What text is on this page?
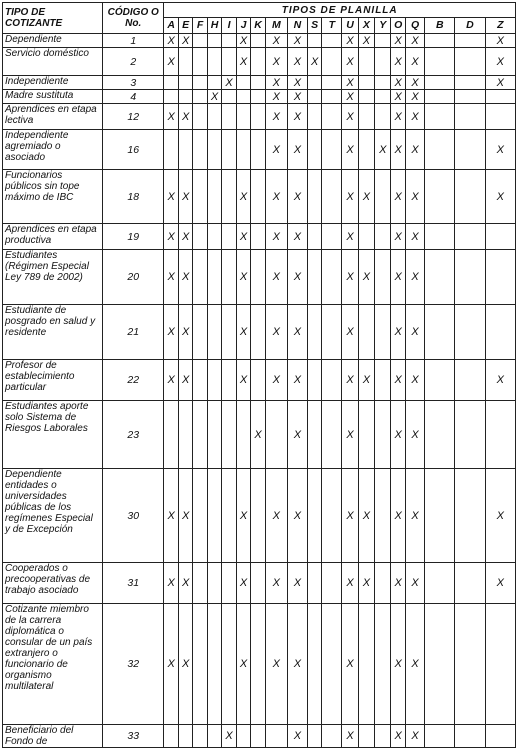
TIPO DE COTIZANTE	CÓDIGO O No.	TIPOS DE PLANILLA																		
		A	E	F	H	I	J	K	M	N	S	T	U	X	Y	O	Q	B	D	Z
Dependiente	1	X	X				X		X	X			X	X		X	X			X
Servicio doméstico	2	X					X		X	X	X		X			X	X			X
Independiente	3					X			X	X			X			X	X			X
Madre sustituta	4				X				X	X			X			X	X			
Aprendices en etapa lectiva	12	X	X						X	X			X			X	X			
Independiente agremiado o asociado	16								X	X			X		X	X	X			X
Funcionarios públicos sin tope máximo de IBC	18	X	X				X		X	X			X	X		X	X			X
Aprendices en etapa productiva	19	X	X				X		X	X			X			X	X			
Estudiantes (Régimen Especial Ley 789 de 2002)	20	X	X				X		X	X			X	X		X	X			
Estudiante de posgrado en salud y residente	21	X	X				X		X	X			X			X	X			
Profesor de establecimiento particular	22	X	X				X		X	X			X	X		X	X			X
Estudiantes aporte solo Sistema de Riesgos Laborales	23							X		X			X			X	X			
Dependiente entidades o universidades públicas de los regímenes Especial y de Excepción	30	X	X				X		X	X			X	X		X	X			X
Cooperados o precooperativas de trabajo asociado	31	X	X				X		X	X			X	X		X	X			X
Cotizante miembro de la carrera diplomática o consular de un país extranjero o funcionario de organismo multilateral	32	X	X				X		X	X			X			X	X			
Beneficiario del Fondo de	33					X				X			X			X	X			
